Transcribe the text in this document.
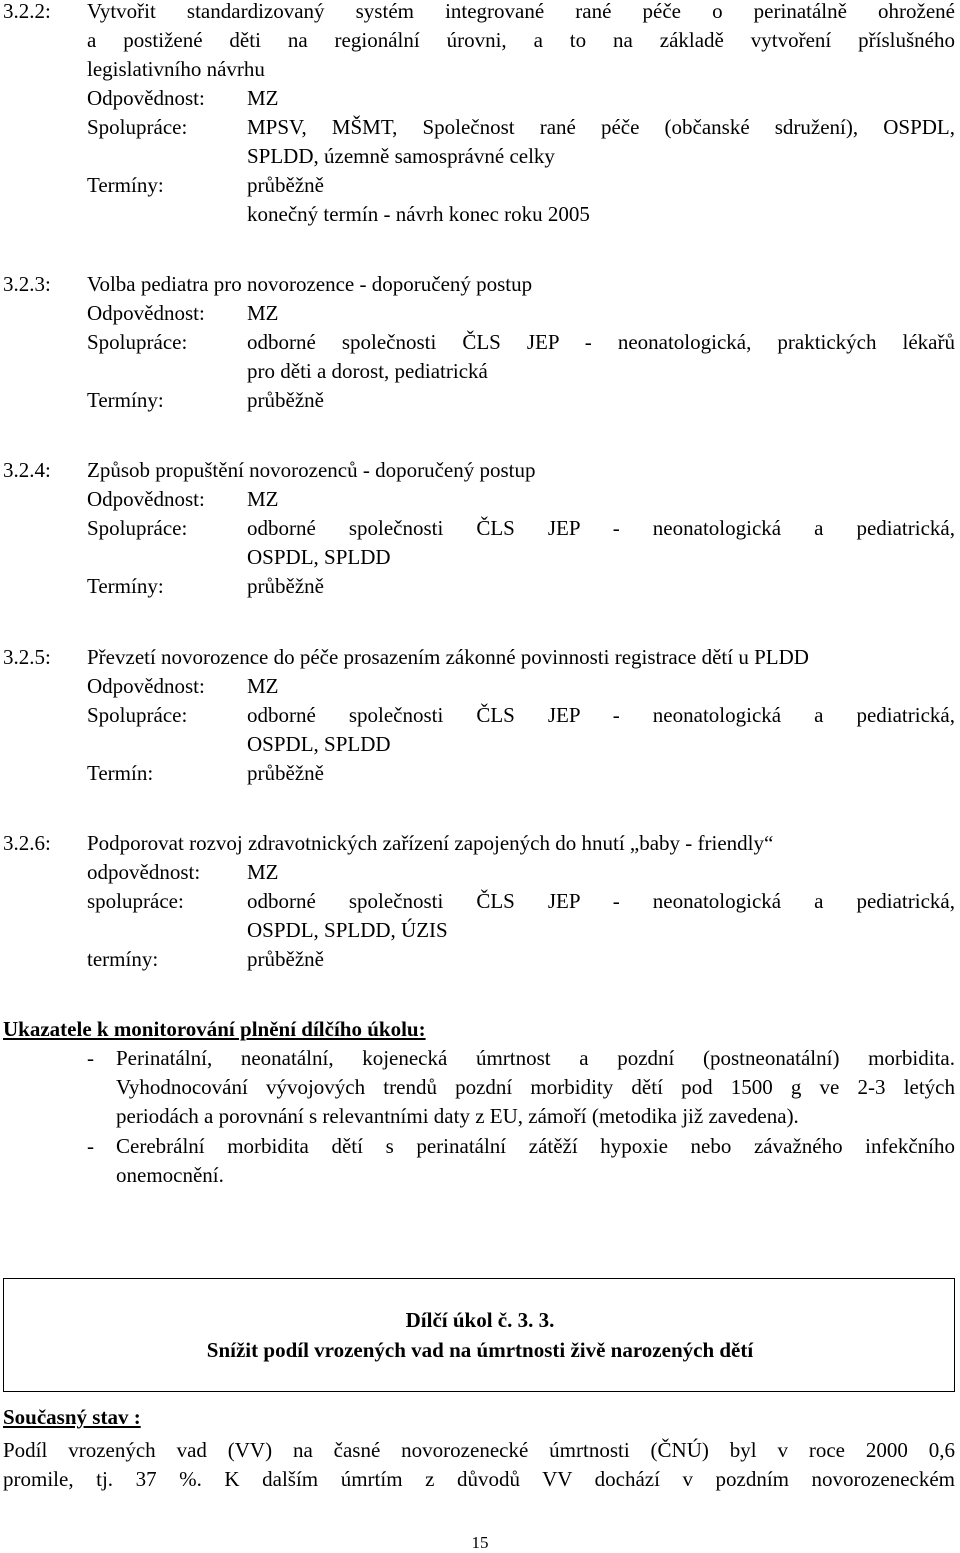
3.2.2: Vytvořit standardizovaný systém integrované rané péče o perinatálně ohrožené
a postižené děti na regionální úrovni, a to na základě vytvoření příslušného
legislativního návrhu
Odpovědnost: MZ
Spolupráce:	MPSV, MŠMT, Společnost rané péče (občanské sdružení), OSPDL,
SPLDD, územně samosprávné celky
Termíny:	průběžně
konečný termín - návrh konec roku 2005
3.2.3: Volba pediatra pro novorozence - doporučený postup
Odpovědnost: MZ
Spolupráce:	odborné společnosti ČLS JEP - neonatologická, praktických lékařů
pro děti a dorost, pediatrická
Termíny:	průběžně
3.2.4: Způsob propuštění novorozenců - doporučený postup
Odpovědnost: MZ
Spolupráce:	odborné společnosti ČLS JEP - neonatologická a pediatrická,
OSPDL, SPLDD
Termíny:	průběžně
3.2.5: Převzetí novorozence do péče prosazením zákonné povinnosti registrace dětí u PLDD
Odpovědnost: MZ
Spolupráce:	odborné společnosti ČLS JEP - neonatologická a pediatrická,
OSPDL, SPLDD
Termín:	průběžně
3.2.6: Podporovat rozvoj zdravotnických zařízení zapojených do hnutí „baby - friendly“
odpovědnost: MZ
spolupráce:	odborné společnosti ČLS JEP - neonatologická a pediatrická,
OSPDL, SPLDD, ÚZIS
termíny:	průběžně
Ukazatele k monitorování plnění dílčího úkolu:
- Perinatální, neonatální, kojenecká úmrtnost a pozdní (postneonatální) morbidita.
Vyhodnocování vývojových trendů pozdní morbidity dětí pod 1500 g ve 2-3 letých
periodách a porovnání s relevantními daty z EU, zámoří (metodika již zavedena).
- Cerebrální morbidita dětí s perinatální zátěží hypoxie nebo závažného infekčního
onemocnění.
Dílčí úkol č. 3. 3.
Snížit podíl vrozených vad na úmrtnosti živě narozených dětí
Současný stav :
Podíl vrozených vad (VV) na časné novorozenecké úmrtnosti (ČNÚ) byl v roce 2000 0,6
promile, tj. 37 %. K dalším úmrtím z důvodů VV dochází v pozdním novorozeneckém
15
